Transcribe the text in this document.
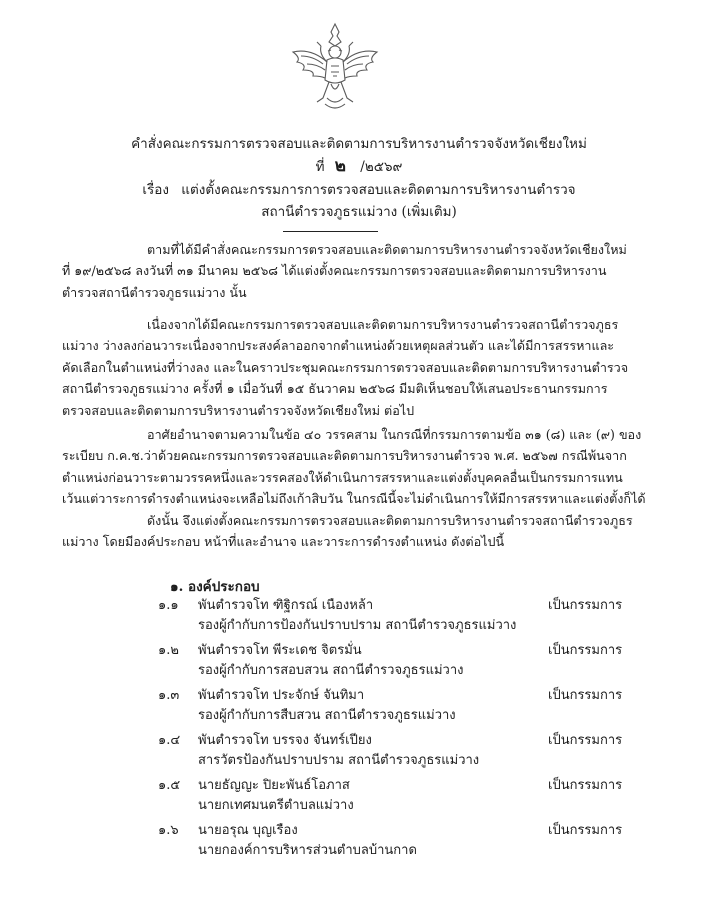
คำสั่งคณะกรรมการตรวจสอบและติดตามการบริหารงานตำรวจจังหวัดเชียงใหม่
ที่ ๒ /๒๕๖๙
เรื่อง แต่งตั้งคณะกรรมการการตรวจสอบและติดตามการบริหารงานตำรวจ
สถานีตำรวจภูธรแม่วาง (เพิ่มเติม)
ตามที่ได้มีคำสั่งคณะกรรมการตรวจสอบและติดตามการบริหารงานตำรวจจังหวัดเชียงใหม่
ที่ ๑๙/๒๕๖๘ ลงวันที่ ๓๑ มีนาคม ๒๕๖๘ ได้แต่งตั้งคณะกรรมการตรวจสอบและติดตามการบริหารงาน
ตำรวจสถานีตำรวจภูธรแม่วาง นั้น
เนื่องจากได้มีคณะกรรมการตรวจสอบและติดตามการบริหารงานตำรวจสถานีตำรวจภูธร
แม่วาง ว่างลงก่อนวาระเนื่องจากประสงค์ลาออกจากตำแหน่งด้วยเหตุผลส่วนตัว และได้มีการสรรหาและ
คัดเลือกในตำแหน่งที่ว่างลง และในคราวประชุมคณะกรรมการตรวจสอบและติดตามการบริหารงานตำรวจ
สถานีตำรวจภูธรแม่วาง ครั้งที่ ๑ เมื่อวันที่ ๑๕ ธันวาคม ๒๕๖๘ มีมติเห็นชอบให้เสนอประธานกรรมการ
ตรวจสอบและติดตามการบริหารงานตำรวจจังหวัดเชียงใหม่ ต่อไป
อาศัยอำนาจตามความในข้อ ๔๐ วรรคสาม ในกรณีที่กรรมการตามข้อ ๓๑ (๘) และ (๙) ของ
ระเบียบ ก.ค.ช.ว่าด้วยคณะกรรมการตรวจสอบและติดตามการบริหารงานตำรวจ พ.ศ. ๒๕๖๗ กรณีพ้นจาก
ตำแหน่งก่อนวาระตามวรรคหนึ่งและวรรคสองให้ดำเนินการสรรหาและแต่งตั้งบุคคลอื่นเป็นกรรมการแทน
เว้นแต่วาระการดำรงตำแหน่งจะเหลือไม่ถึงเก้าสิบวัน ในกรณีนี้จะไม่ดำเนินการให้มีการสรรหาและแต่งตั้งก็ได้
ดังนั้น จึงแต่งตั้งคณะกรรมการตรวจสอบและติดตามการบริหารงานตำรวจสถานีตำรวจภูธร
แม่วาง โดยมีองค์ประกอบ หน้าที่และอำนาจ และวาระการดำรงตำแหน่ง ดังต่อไปนี้
๑. องค์ประกอบ
๑.๑ พันตำรวจโท ฑิฐิกรณ์ เนืองหล้า	เป็นกรรมการ
รองผู้กำกับการป้องกันปราบปราม สถานีตำรวจภูธรแม่วาง
๑.๒ พันตำรวจโท พีระเดช จิตรมั่น	เป็นกรรมการ
รองผู้กำกับการสอบสวน สถานีตำรวจภูธรแม่วาง
๑.๓ พันตำรวจโท ประจักษ์ จันทิมา	เป็นกรรมการ
รองผู้กำกับการสืบสวน สถานีตำรวจภูธรแม่วาง
๑.๔ พันตำรวจโท บรรจง จันทร์เปียง	เป็นกรรมการ
สารวัตรป้องกันปราบปราม สถานีตำรวจภูธรแม่วาง
๑.๕ นายธัญญะ ปิยะพันธ์โอภาส	เป็นกรรมการ
นายกเทศมนตรีตำบลแม่วาง
๑.๖ นายอรุณ บุญเรือง	เป็นกรรมการ
นายกองค์การบริหารส่วนตำบลบ้านกาด
